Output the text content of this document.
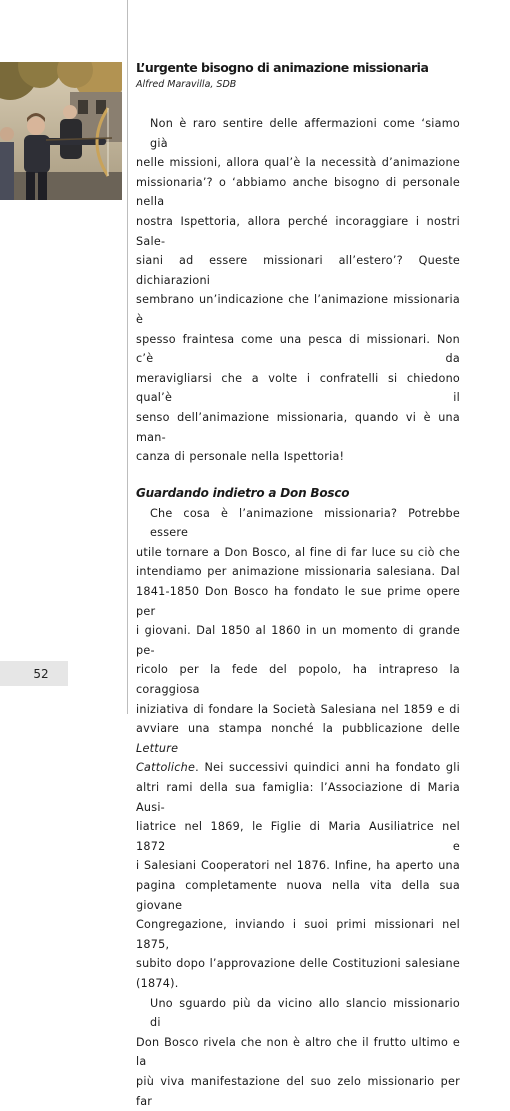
L’urgente bisogno di animazione missionaria
Alfred Maravilla, SDB

Non è raro sentire delle affermazioni come ‘siamo già
nelle missioni, allora qual’è la necessità d’animazione
missionaria’? o ‘abbiamo anche bisogno di personale nella
nostra Ispettoria, allora perché incoraggiare i nostri Sale-
siani ad essere missionari all’estero’? Queste dichiarazioni
sembrano un’indicazione che l’animazione missionaria è
spesso fraintesa come una pesca di missionari. Non c’è da
meravigliarsi che a volte i confratelli si chiedono qual’è il
senso dell’animazione missionaria, quando vi è una man-
canza di personale nella Ispettoria!

Guardando indietro a Don Bosco

Che cosa è l’animazione missionaria? Potrebbe essere
utile tornare a Don Bosco, al fine di far luce su ciò che
intendiamo per animazione missionaria salesiana. Dal
1841-1850 Don Bosco ha fondato le sue prime opere per
i giovani. Dal 1850 al 1860 in un momento di grande pe-
ricolo per la fede del popolo, ha intrapreso la coraggiosa
iniziativa di fondare la Società Salesiana nel 1859 e di
avviare una stampa nonché la pubblicazione delle Letture
Cattoliche. Nei successivi quindici anni ha fondato gli
altri rami della sua famiglia: l’Associazione di Maria Ausi-
liatrice nel 1869, le Figlie di Maria Ausiliatrice nel 1872 e
i Salesiani Cooperatori nel 1876. Infine, ha aperto una
pagina completamente nuova nella vita della sua giovane
Congregazione, inviando i suoi primi missionari nel 1875,
subito dopo l’approvazione delle Costituzioni salesiane
(1874).

Uno sguardo più da vicino allo slancio missionario di
Don Bosco rivela che non è altro che il frutto ultimo e la
più viva manifestazione del suo zelo missionario per far

52
